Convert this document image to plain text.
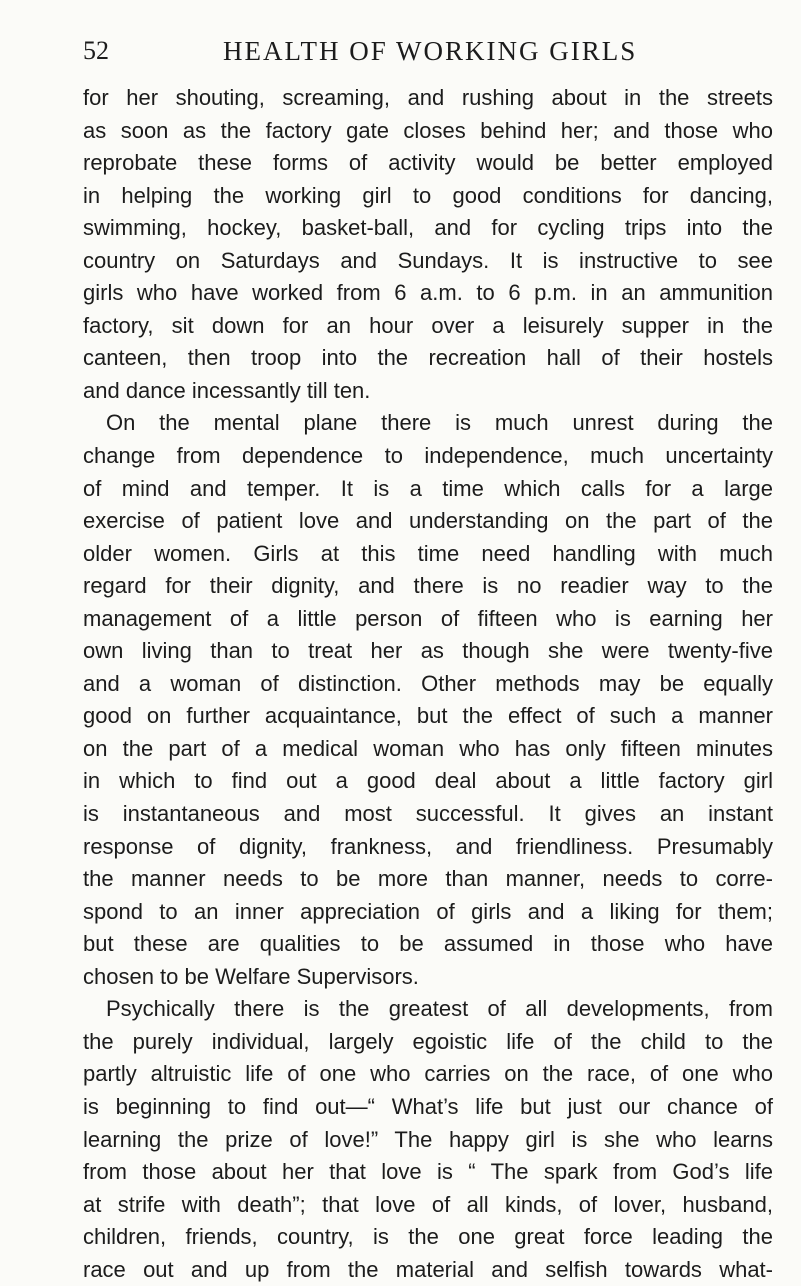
52	HEALTH OF WORKING GIRLS
for her shouting, screaming, and rushing about in the streets
as soon as the factory gate closes behind her; and those who
reprobate these forms of activity would be better employed
in helping the working girl to good conditions for dancing,
swimming, hockey, basket-ball, and for cycling trips into the
country on Saturdays and Sundays. It is instructive to see
girls who have worked from 6 a.m. to 6 p.m. in an ammunition
factory, sit down for an hour over a leisurely supper in the
canteen, then troop into the recreation hall of their hostels
and dance incessantly till ten.
On the mental plane there is much unrest during the
change from dependence to independence, much uncertainty
of mind and temper. It is a time which calls for a large
exercise of patient love and understanding on the part of the
older women. Girls at this time need handling with much
regard for their dignity, and there is no readier way to the
management of a little person of fifteen who is earning her
own living than to treat her as though she were twenty-five
and a woman of distinction. Other methods may be equally
good on further acquaintance, but the effect of such a manner
on the part of a medical woman who has only fifteen minutes
in which to find out a good deal about a little factory girl
is instantaneous and most successful. It gives an instant
response of dignity, frankness, and friendliness. Presumably
the manner needs to be more than manner, needs to corre-
spond to an inner appreciation of girls and a liking for them;
but these are qualities to be assumed in those who have
chosen to be Welfare Supervisors.
Psychically there is the greatest of all developments, from
the purely individual, largely egoistic life of the child to the
partly altruistic life of one who carries on the race, of one who
is beginning to find out—“ What’s life but just our chance of
learning the prize of love!” The happy girl is she who learns
from those about her that love is “ The spark from God’s life
at strife with death”; that love of all kinds, of lover, husband,
children, friends, country, is the one great force leading the
race out and up from the material and selfish towards what-
